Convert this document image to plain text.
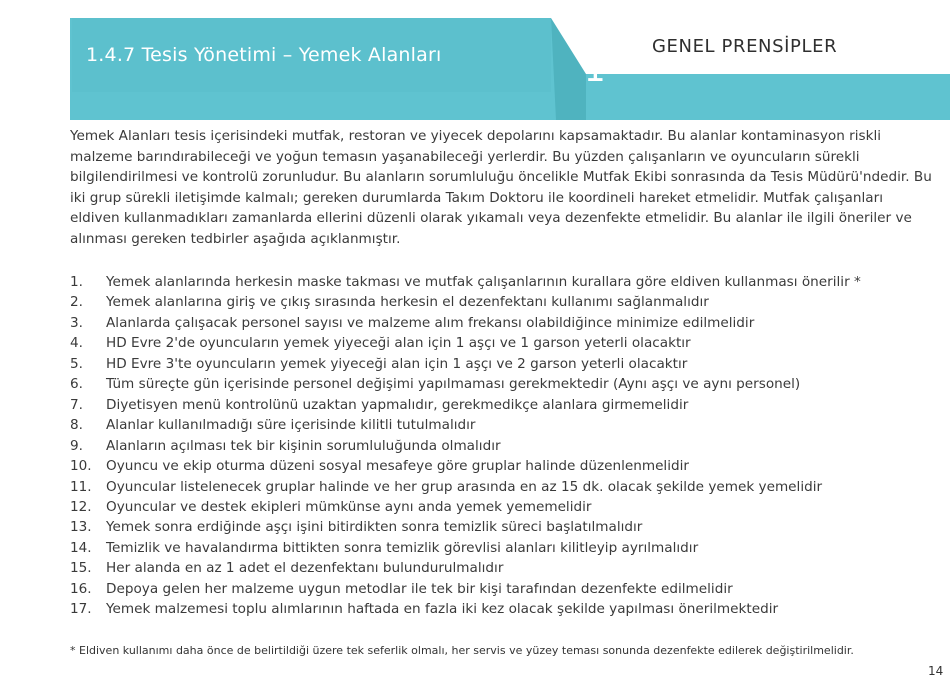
1.4.7 Tesis Yönetimi – Yemek Alanları	1
GENEL PRENSİPLER
Yemek Alanları tesis içerisindeki mutfak, restoran ve yiyecek depolarını kapsamaktadır. Bu alanlar kontaminasyon riskli malzeme barındırabileceği ve yoğun temasın yaşanabileceği yerlerdir. Bu yüzden çalışanların ve oyuncuların sürekli bilgilendirilmesi ve kontrolü zorunludur. Bu alanların sorumluluğu öncelikle Mutfak Ekibi sonrasında da Tesis Müdürü'ndedir. Bu iki grup sürekli iletişimde kalmalı; gereken durumlarda Takım Doktoru ile koordineli hareket etmelidir. Mutfak çalışanları eldiven kullanmadıkları zamanlarda ellerini düzenli olarak yıkamalı veya dezenfekte etmelidir. Bu alanlar ile ilgili öneriler ve alınması gereken tedbirler aşağıda açıklanmıştır.
1.	Yemek alanlarında herkesin maske takması ve mutfak çalışanlarının kurallara göre eldiven kullanması önerilir *
2.	Yemek alanlarına giriş ve çıkış sırasında herkesin el dezenfektanı kullanımı sağlanmalıdır
3.	Alanlarda çalışacak personel sayısı ve malzeme alım frekansı olabildiğince minimize edilmelidir
4.	HD Evre 2'de oyuncuların yemek yiyeceği alan için 1 aşçı ve 1 garson yeterli olacaktır
5.	HD Evre 3'te oyuncuların yemek yiyeceği alan için 1 aşçı ve 2 garson yeterli olacaktır
6.	Tüm süreçte gün içerisinde personel değişimi yapılmaması gerekmektedir (Aynı aşçı ve aynı personel)
7.	Diyetisyen menü kontrolünü uzaktan yapmalıdır, gerekmedikçe alanlara girmemelidir
8.	Alanlar kullanılmadığı süre içerisinde kilitli tutulmalıdır
9.	Alanların açılması tek bir kişinin sorumluluğunda olmalıdır
10.	Oyuncu ve ekip oturma düzeni sosyal mesafeye göre gruplar halinde düzenlenmelidir
11.	Oyuncular listelenecek gruplar halinde ve her grup arasında en az 15 dk. olacak şekilde yemek yemelidir
12.	Oyuncular ve destek ekipleri mümkünse aynı anda yemek yememelidir
13.	Yemek sonra erdiğinde aşçı işini bitirdikten sonra temizlik süreci başlatılmalıdır
14.	Temizlik ve havalandırma bittikten sonra temizlik görevlisi alanları kilitleyip ayrılmalıdır
15.	Her alanda en az 1 adet el dezenfektanı bulundurulmalıdır
16.	Depoya gelen her malzeme uygun metodlar ile tek bir kişi tarafından dezenfekte edilmelidir
17.	Yemek malzemesi toplu alımlarının haftada en fazla iki kez olacak şekilde yapılması önerilmektedir
* Eldiven kullanımı daha önce de belirtildiği üzere tek seferlik olmalı, her servis ve yüzey teması sonunda dezenfekte edilerek değiştirilmelidir.
14
